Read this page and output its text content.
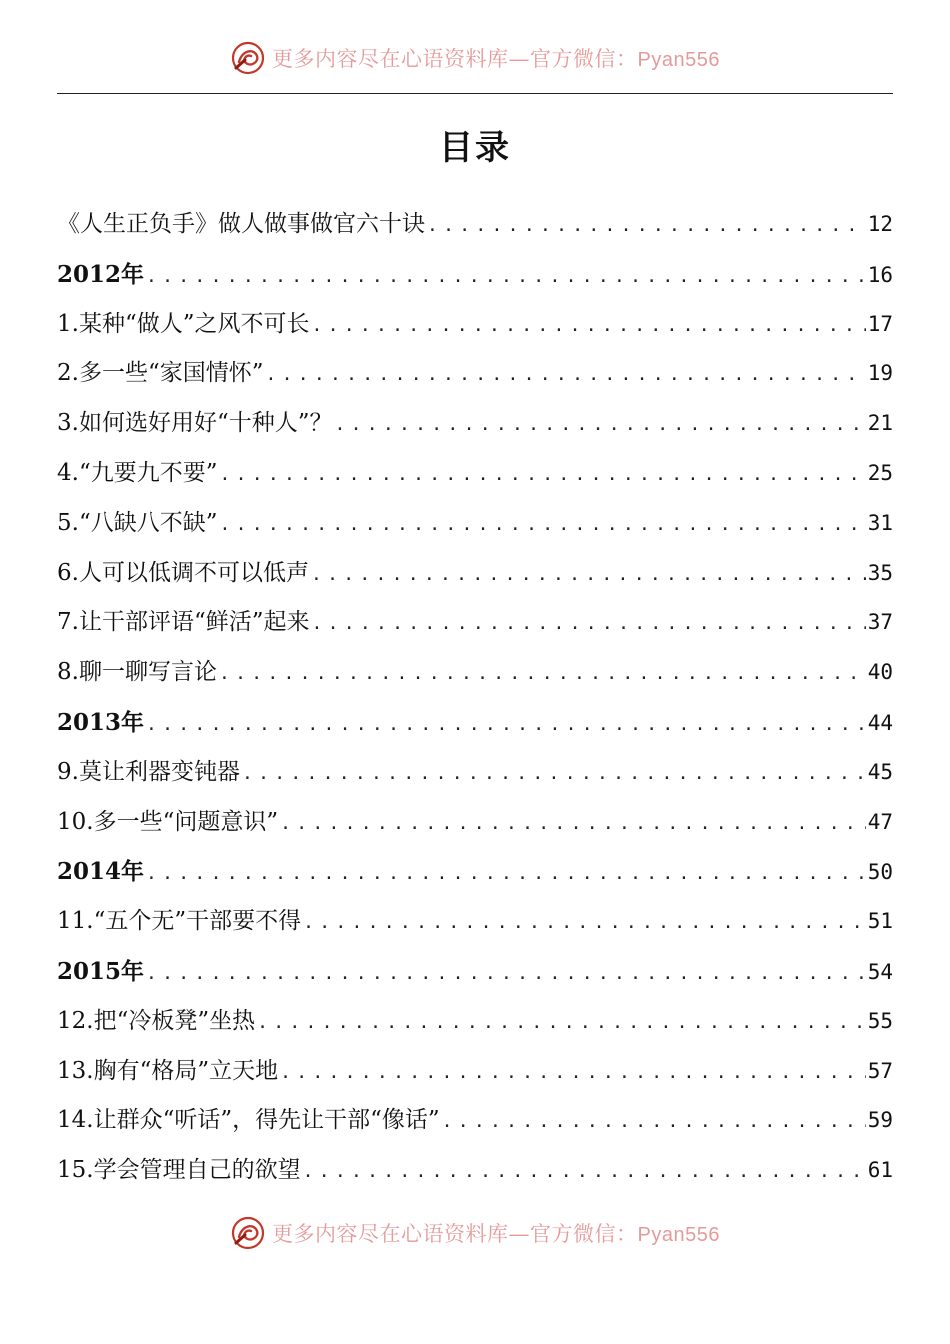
更多内容尽在心语资料库—官方微信：Pyan556
目录
《人生正负手》做人做事做官六十诀 .....	12
2012年 .....	16
1.某种“做人”之风不可长 .....	17
2.多一些“家国情怀” .....	19
3.如何选好用好“十种人”？ .....	21
4.“九要九不要” .....	25
5.“八缺八不缺” .....	31
6.人可以低调不可以低声 .....	35
7.让干部评语“鲜活”起来 .....	37
8.聊一聊写言论 .....	40
2013年 .....	44
9.莫让利器变钝器 .....	45
10.多一些“问题意识” .....	47
2014年 .....	50
11.“五个无”干部要不得 .....	51
2015年 .....	54
12.把“冷板凳”坐热 .....	55
13.胸有“格局”立天地 .....	57
14.让群众“听话”，得先让干部“像话” .....	59
15.学会管理自己的欲望 .....	61
更多内容尽在心语资料库—官方微信：Pyan556
